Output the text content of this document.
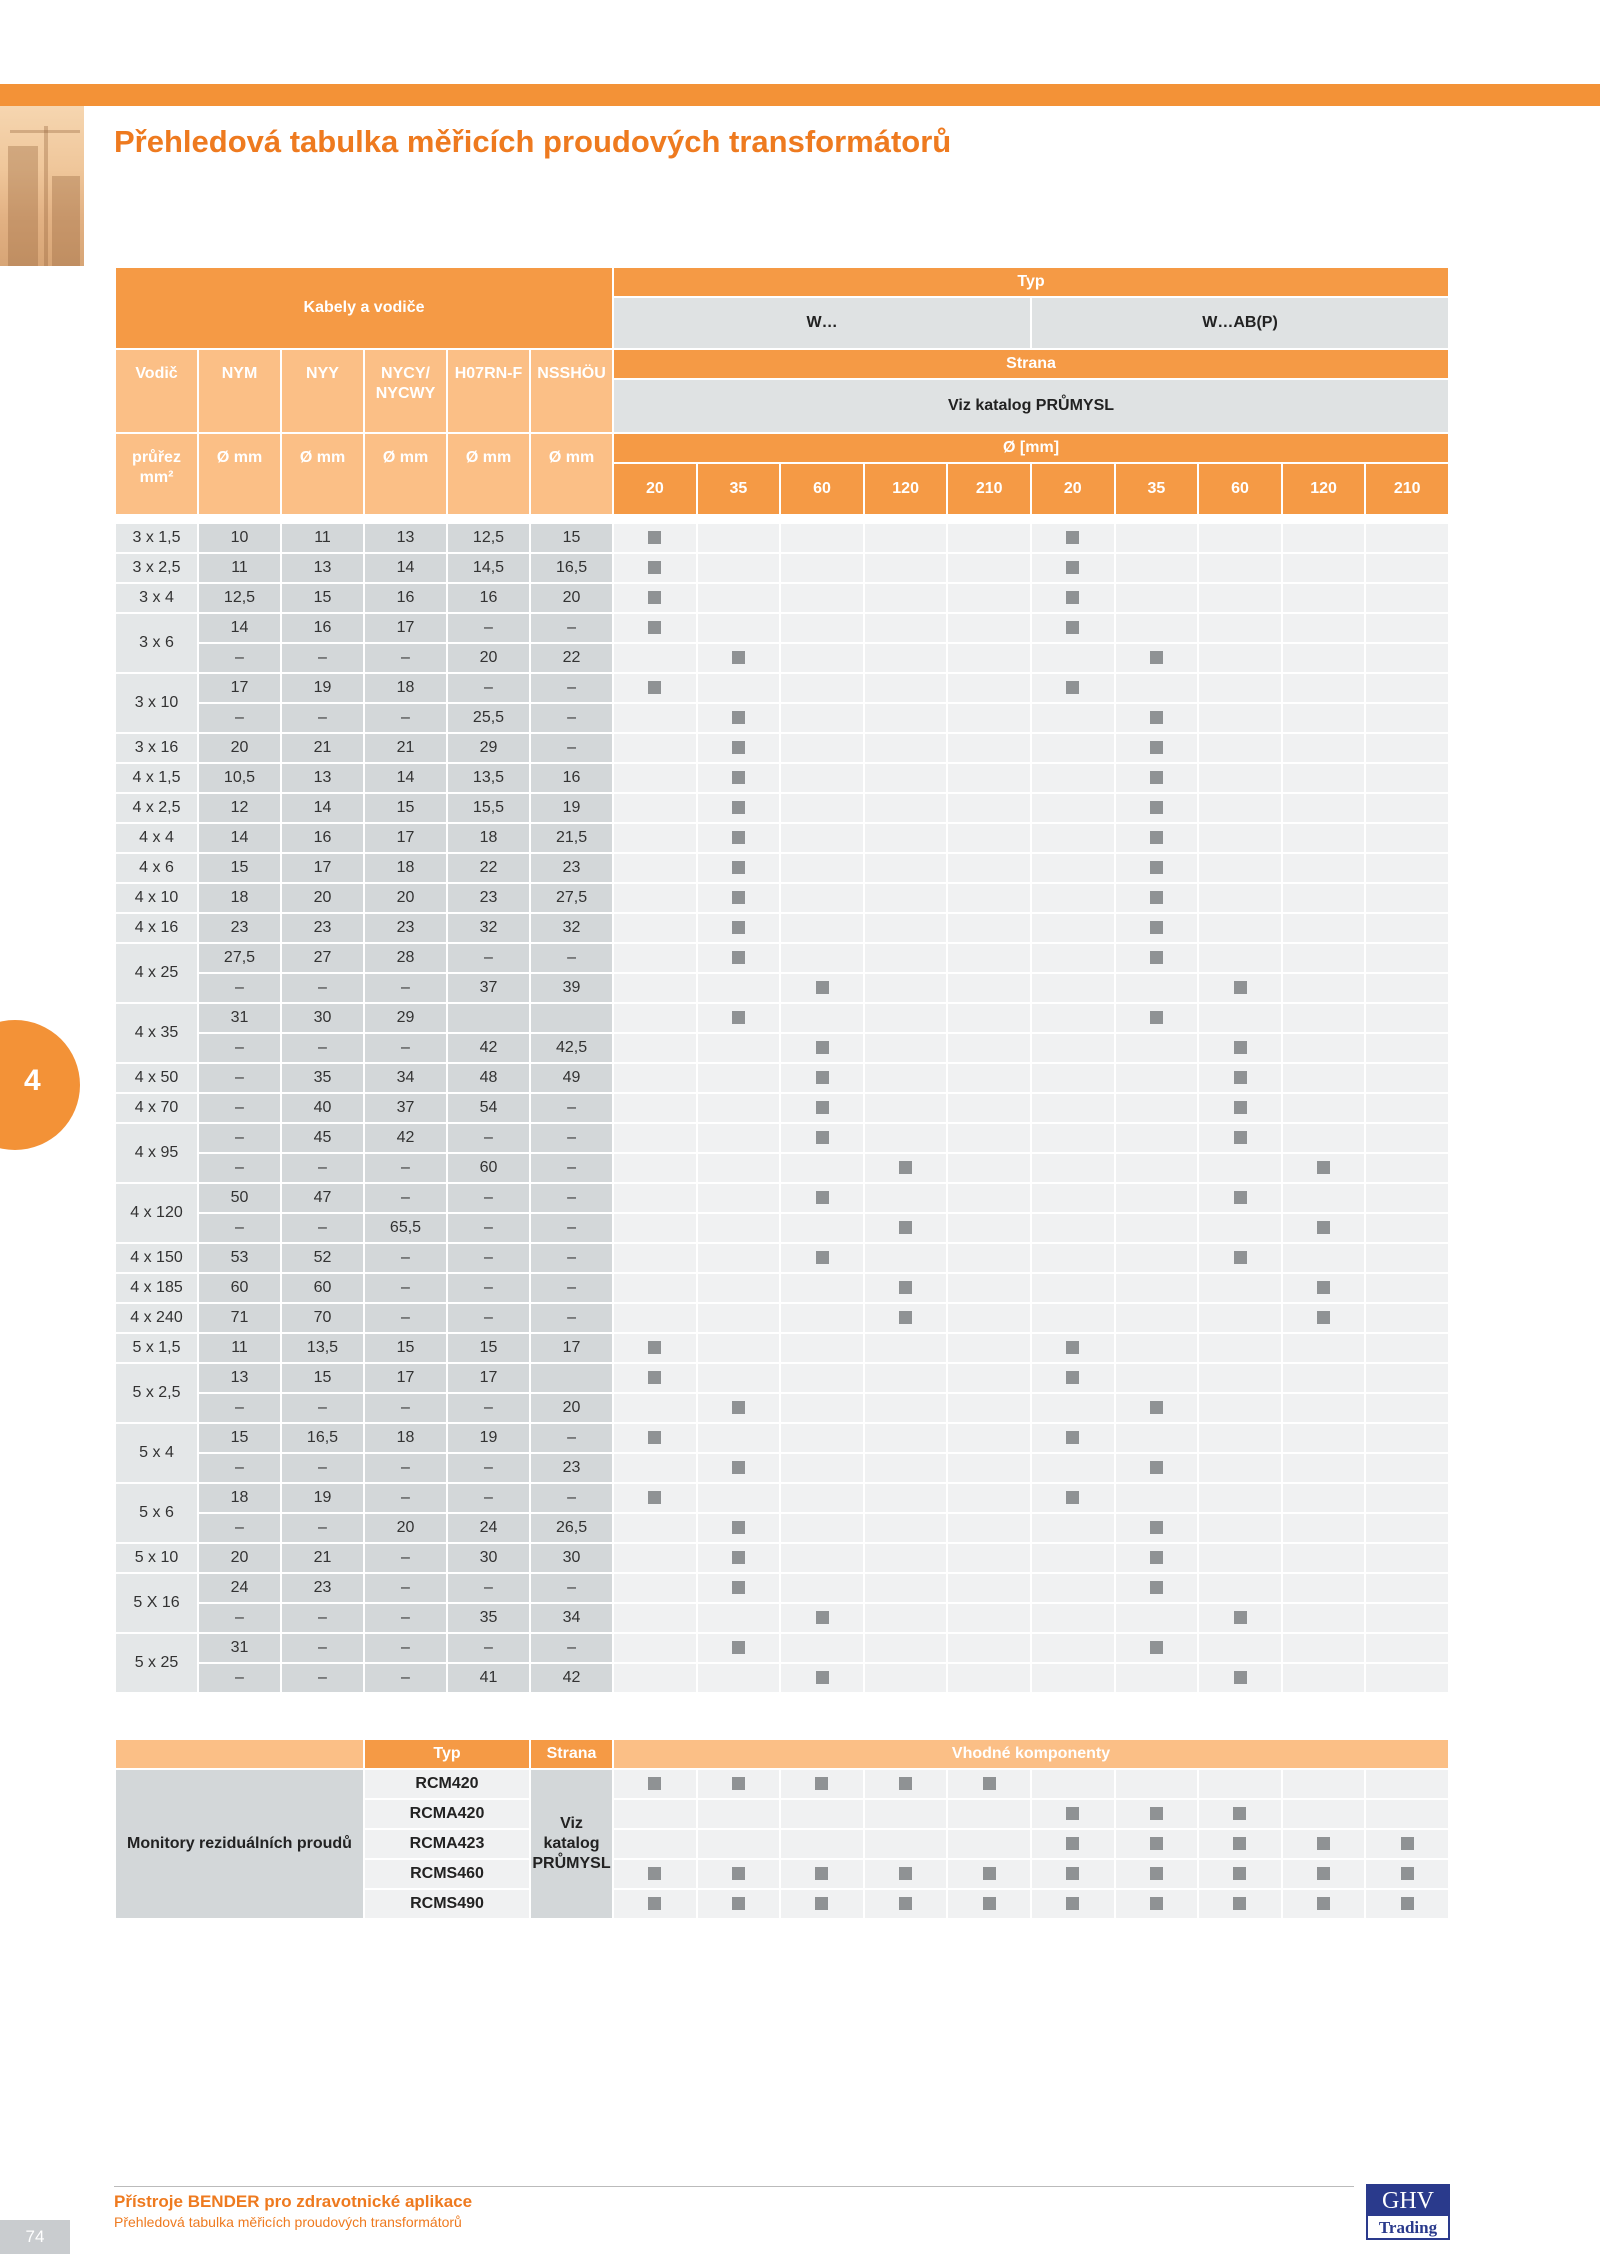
Přehledová tabulka měřicích proudových transformátorů
4
Kabely a vodiče						Typ									
						W…					W…AB(P)				
Vodič	NYM	NYY	NYCY/ NYCWY	H07RN-F	NSSHÖU	Strana									
						Viz katalog PRŮMYSL									
průřez mm²	Ø mm	Ø mm	Ø mm	Ø mm	Ø mm	Ø [mm]									
						20	35	60	120	210	20	35	60	120	210

3 x 1,5	10	11	13	12,5	15										
3 x 2,5	11	13	14	14,5	16,5										
3 x 4	12,5	15	16	16	20										
3 x 6	14	16	17	–	–										
	–	–	–	20	22										
3 x 10	17	19	18	–	–										
	–	–	–	25,5	–										
3 x 16	20	21	21	29	–										
4 x 1,5	10,5	13	14	13,5	16										
4 x 2,5	12	14	15	15,5	19										
4 x 4	14	16	17	18	21,5										
4 x 6	15	17	18	22	23										
4 x 10	18	20	20	23	27,5										
4 x 16	23	23	23	32	32										
4 x 25	27,5	27	28	–	–										
	–	–	–	37	39										
4 x 35	31	30	29												
	–	–	–	42	42,5										
4 x 50	–	35	34	48	49										
4 x 70	–	40	37	54	–										
4 x 95	–	45	42	–	–										
	–	–	–	60	–										
4 x 120	50	47	–	–	–										
	–	–	65,5	–	–										
4 x 150	53	52	–	–	–										
4 x 185	60	60	–	–	–										
4 x 240	71	70	–	–	–										
5 x 1,5	11	13,5	15	15	17										
5 x 2,5	13	15	17	17											
	–	–	–	–	20										
5 x 4	15	16,5	18	19	–										
	–	–	–	–	23										
5 x 6	18	19	–	–	–										
	–	–	20	24	26,5										
5 x 10	20	21	–	30	30										
5 X 16	24	23	–	–	–										
	–	–	–	35	34										
5 x 25	31	–	–	–	–										
	–	–	–	41	42										
	Typ	Strana	Vhodné komponenty									
Monitory reziduálních proudů	RCM420	Viz katalog PRŮMYSL										
	RCMA420											
	RCMA423											
	RCMS460											
	RCMS490											
74
Přístroje BENDER pro zdravotnické aplikace
Přehledová tabulka měřicích proudových transformátorů
GHV
Trading
